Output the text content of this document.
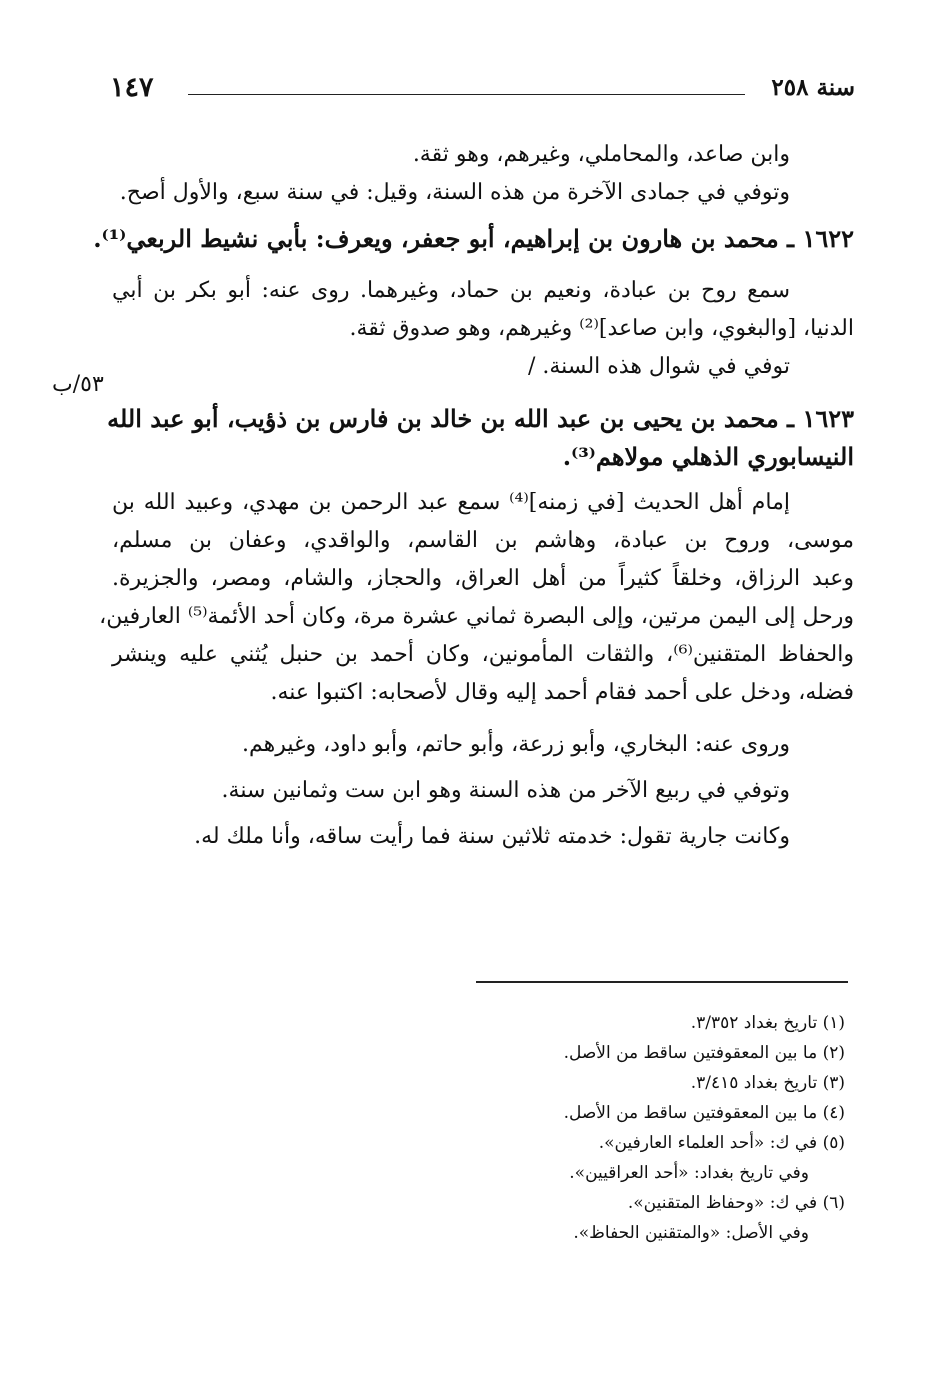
سنة ٢٥٨
١٤٧
٥٣/ب
وابن صاعد، والمحاملي، وغيرهم، وهو ثقة.
وتوفي في جمادى الآخرة من هذه السنة، وقيل: في سنة سبع، والأول أصح.
١٦٢٢ ـ محمد بن هارون بن إبراهيم، أبو جعفر، ويعرف: بأبي نشيط الربعي⁽¹⁾.
سمع روح بن عبادة، ونعيم بن حماد، وغيرهما. روى عنه: أبو بكر بن أبي
الدنيا، [والبغوي، وابن صاعد]⁽²⁾ وغيرهم، وهو صدوق ثقة.
توفي في شوال هذه السنة. /
١٦٢٣ ـ محمد بن يحيى بن عبد الله بن خالد بن فارس بن ذؤيب، أبو عبد الله
النيسابوري الذهلي مولاهم⁽³⁾.
إمام أهل الحديث [في زمنه]⁽⁴⁾ سمع عبد الرحمن بن مهدي، وعبيد الله بن
موسى، وروح بن عبادة، وهاشم بن القاسم، والواقدي، وعفان بن مسلم،
وعبد الرزاق، وخلقاً كثيراً من أهل العراق، والحجاز، والشام، ومصر، والجزيرة.
ورحل إلى اليمن مرتين، وإلى البصرة ثماني عشرة مرة، وكان أحد الأئمة⁽⁵⁾ العارفين،
والحفاظ المتقنين⁽⁶⁾، والثقات المأمونين، وكان أحمد بن حنبل يُثني عليه وينشر
فضله، ودخل على أحمد فقام أحمد إليه وقال لأصحابه: اكتبوا عنه.
وروى عنه: البخاري، وأبو زرعة، وأبو حاتم، وأبو داود، وغيرهم.
وتوفي في ربيع الآخر من هذه السنة وهو ابن ست وثمانين سنة.
وكانت جارية تقول: خدمته ثلاثين سنة فما رأيت ساقه، وأنا ملك له.
(١) تاريخ بغداد ٣/٣٥٢.
(٢) ما بين المعقوفتين ساقط من الأصل.
(٣) تاريخ بغداد ٣/٤١٥.
(٤) ما بين المعقوفتين ساقط من الأصل.
(٥) في ك: «أحد العلماء العارفين».
وفي تاريخ بغداد: «أحد العراقيين».
(٦) في ك: «وحفاظ المتقنين».
وفي الأصل: «والمتقنين الحفاظ».
